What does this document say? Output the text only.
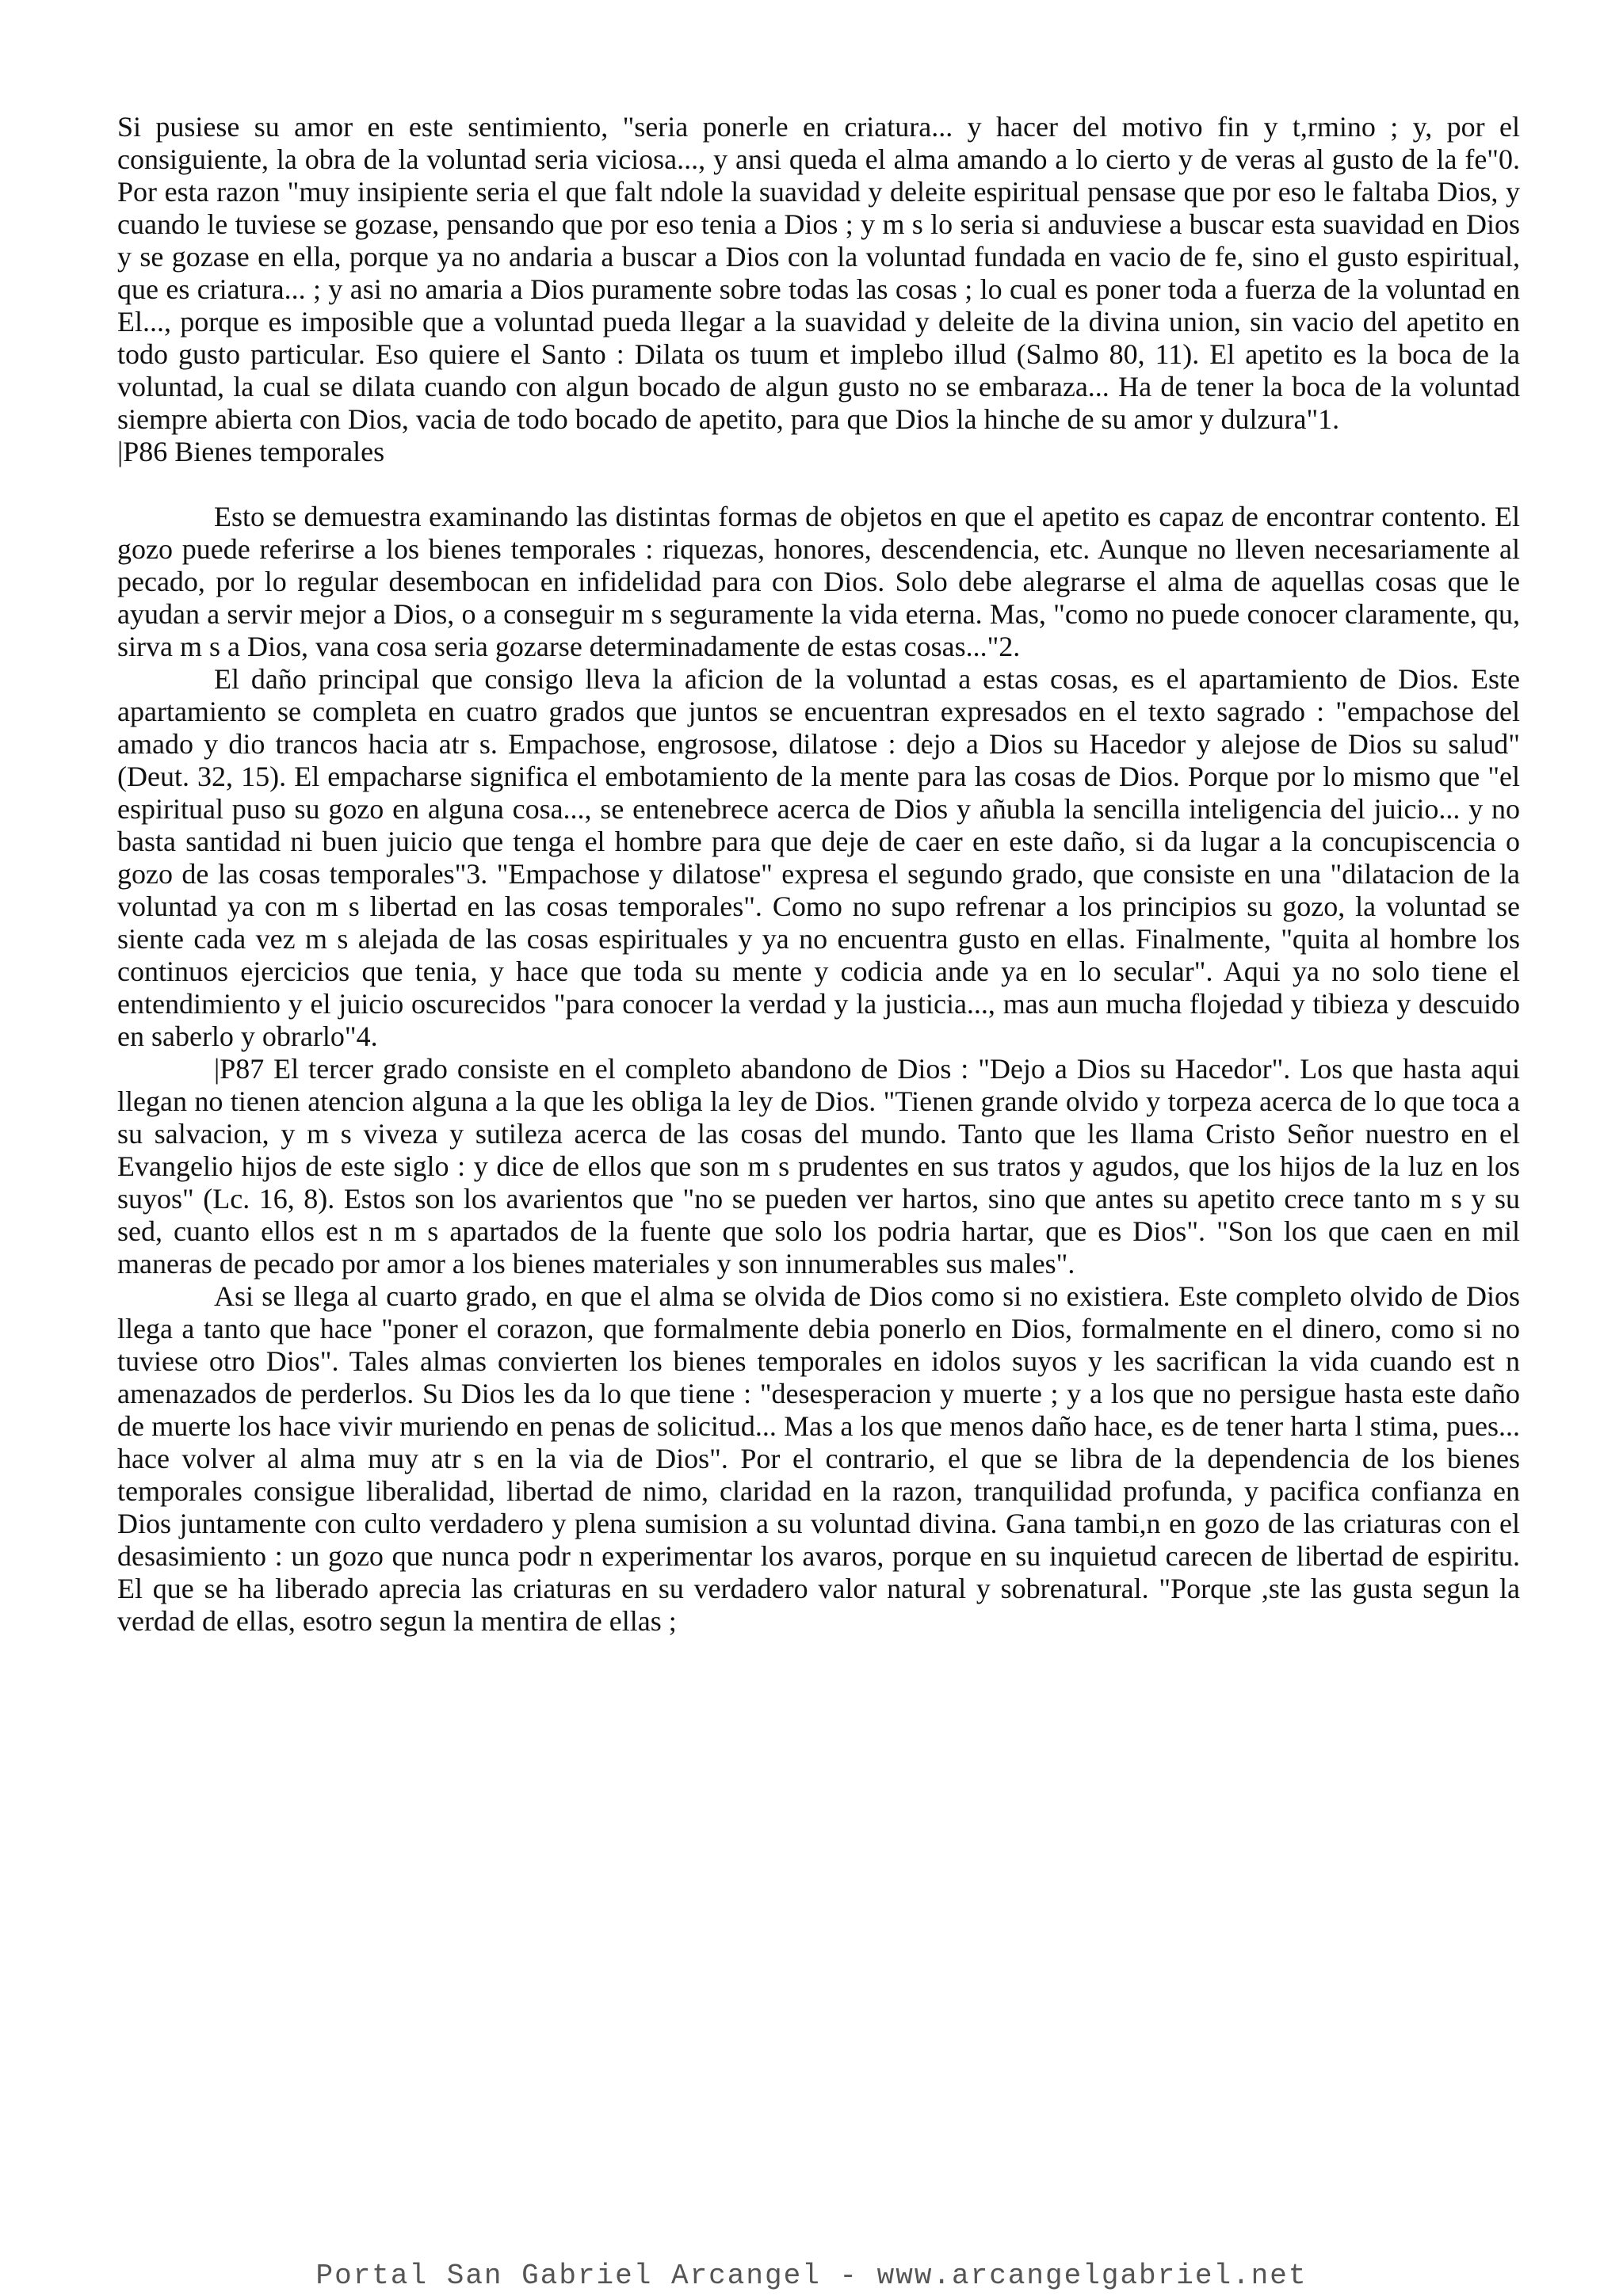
Si pusiese su amor en este sentimiento, "seria ponerle en criatura... y hacer del motivo fin y t,rmino ; y, por el consiguiente, la obra de la voluntad seria viciosa..., y ansi queda el alma amando a lo cierto y de veras al gusto de la fe"0. Por esta razon "muy insipiente seria el que falt ndole la suavidad y deleite espiritual pensase que por eso le faltaba Dios, y cuando le tuviese se gozase, pensando que por eso tenia a Dios ; y m s lo seria si anduviese a buscar esta suavidad en Dios y se gozase en ella, porque ya no andaria a buscar a Dios con la voluntad fundada en vacio de fe, sino el gusto espiritual, que es criatura... ; y asi no amaria a Dios puramente sobre todas las cosas ; lo cual es poner toda a fuerza de la voluntad en El..., porque es imposible que a voluntad pueda llegar a la suavidad y deleite de la divina union, sin vacio del apetito en todo gusto particular. Eso quiere el Santo : Dilata os tuum et implebo illud (Salmo 80, 11). El apetito es la boca de la voluntad, la cual se dilata cuando con algun bocado de algun gusto no se embaraza... Ha de tener la boca de la voluntad siempre abierta con Dios, vacia de todo bocado de apetito, para que Dios la hinche de su amor y dulzura"1.

|P86 Bienes temporales

Esto se demuestra examinando las distintas formas de objetos en que el apetito es capaz de encontrar contento. El gozo puede referirse a los bienes temporales : riquezas, honores, descendencia, etc. Aunque no lleven necesariamente al pecado, por lo regular desembocan en infidelidad para con Dios. Solo debe alegrarse el alma de aquellas cosas que le ayudan a servir mejor a Dios, o a conseguir m s seguramente la vida eterna. Mas, "como no puede conocer claramente, qu, sirva m s a Dios, vana cosa seria gozarse determinadamente de estas cosas..."2.

El daño principal que consigo lleva la aficion de la voluntad a estas cosas, es el apartamiento de Dios. Este apartamiento se completa en cuatro grados que juntos se encuentran expresados en el texto sagrado : "empachose del amado y dio trancos hacia atr s. Empachose, engrosose, dilatose : dejo a Dios su Hacedor y alejose de Dios su salud" (Deut. 32, 15). El empacharse significa el embotamiento de la mente para las cosas de Dios. Porque por lo mismo que "el espiritual puso su gozo en alguna cosa..., se entenebrece acerca de Dios y añubla la sencilla inteligencia del juicio... y no basta santidad ni buen juicio que tenga el hombre para que deje de caer en este daño, si da lugar a la concupiscencia o gozo de las cosas temporales"3. "Empachose y dilatose" expresa el segundo grado, que consiste en una "dilatacion de la voluntad ya con m s libertad en las cosas temporales". Como no supo refrenar a los principios su gozo, la voluntad se siente cada vez m s alejada de las cosas espirituales y ya no encuentra gusto en ellas. Finalmente, "quita al hombre los continuos ejercicios que tenia, y hace que toda su mente y codicia ande ya en lo secular". Aqui ya no solo tiene el entendimiento y el juicio oscurecidos "para conocer la verdad y la justicia..., mas aun mucha flojedad y tibieza y descuido en saberlo y obrarlo"4.

|P87 El tercer grado consiste en el completo abandono de Dios : "Dejo a Dios su Hacedor". Los que hasta aqui llegan no tienen atencion alguna a la que les obliga la ley de Dios. "Tienen grande olvido y torpeza acerca de lo que toca a su salvacion, y m s viveza y sutileza acerca de las cosas del mundo. Tanto que les llama Cristo Señor nuestro en el Evangelio hijos de este siglo : y dice de ellos que son m s prudentes en sus tratos y agudos, que los hijos de la luz en los suyos" (Lc. 16, 8). Estos son los avarientos que "no se pueden ver hartos, sino que antes su apetito crece tanto m s y su sed, cuanto ellos est n m s apartados de la fuente que solo los podria hartar, que es Dios". "Son los que caen en mil maneras de pecado por amor a los bienes materiales y son innumerables sus males".

Asi se llega al cuarto grado, en que el alma se olvida de Dios como si no existiera. Este completo olvido de Dios llega a tanto que hace "poner el corazon, que formalmente debia ponerlo en Dios, formalmente en el dinero, como si no tuviese otro Dios". Tales almas convierten los bienes temporales en idolos suyos y les sacrifican la vida cuando est n amenazados de perderlos. Su Dios les da lo que tiene : "desesperacion y muerte ; y a los que no persigue hasta este daño de muerte los hace vivir muriendo en penas de solicitud... Mas a los que menos daño hace, es de tener harta l stima, pues... hace volver al alma muy atr s en la via de Dios". Por el contrario, el que se libra de la dependencia de los bienes temporales consigue liberalidad, libertad de nimo, claridad en la razon, tranquilidad profunda, y pacifica confianza en Dios juntamente con culto verdadero y plena sumision a su voluntad divina. Gana tambi,n en gozo de las criaturas con el desasimiento : un gozo que nunca podr n experimentar los avaros, porque en su inquietud carecen de libertad de espiritu. El que se ha liberado aprecia las criaturas en su verdadero valor natural y sobrenatural. "Porque ,ste las gusta segun la verdad de ellas, esotro segun la mentira de ellas ;

Portal San Gabriel Arcangel - www.arcangelgabriel.net
